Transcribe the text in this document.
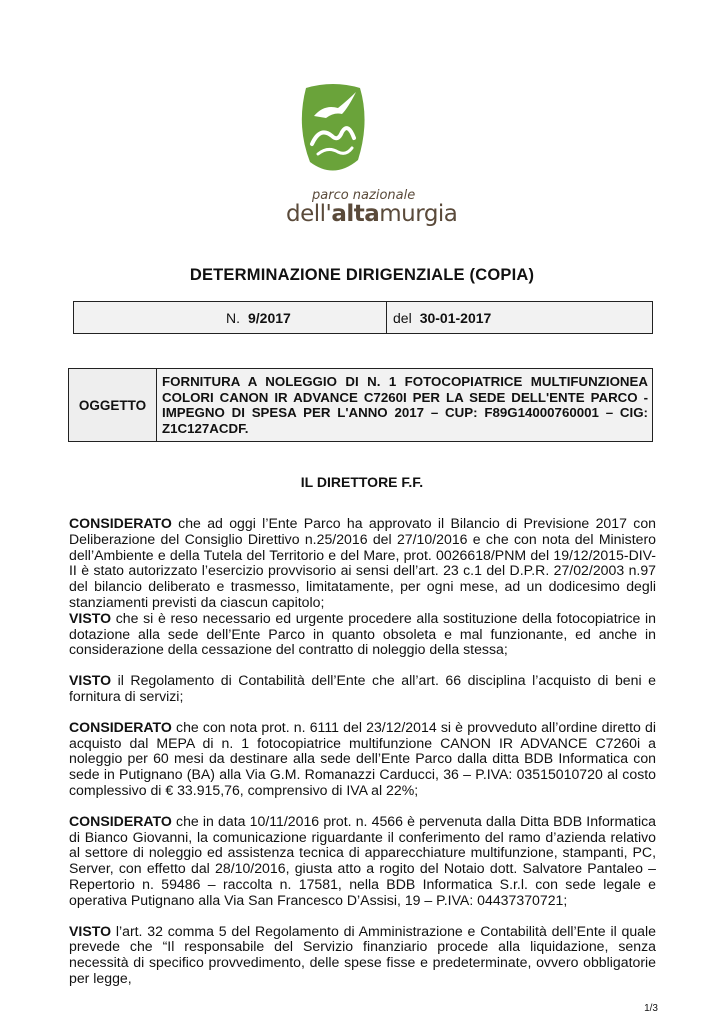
parco nazionale
dell'altamurgia
DETERMINAZIONE DIRIGENZIALE (COPIA)
N. 9/2017	del 30-01-2017
OGGETTO
FORNITURA A NOLEGGIO DI N. 1 FOTOCOPIATRICE MULTIFUNZIONEA COLORI CANON IR ADVANCE C7260I PER LA SEDE DELL'ENTE PARCO - IMPEGNO DI SPESA PER L'ANNO 2017 – CUP: F89G14000760001 – CIG: Z1C127ACDF.
IL DIRETTORE F.F.

CONSIDERATO che ad oggi l’Ente Parco ha approvato il Bilancio di Previsione 2017 con Deliberazione del Consiglio Direttivo n.25/2016 del 27/10/2016 e che con nota del Ministero dell’Ambiente e della Tutela del Territorio e del Mare, prot. 0026618/PNM del 19/12/2015-DIV-II è stato autorizzato l’esercizio provvisorio ai sensi dell’art. 23 c.1 del D.P.R. 27/02/2003 n.97 del bilancio deliberato e trasmesso, limitatamente, per ogni mese, ad un dodicesimo degli stanziamenti previsti da ciascun capitolo;

VISTO che si è reso necessario ed urgente procedere alla sostituzione della fotocopiatrice in dotazione alla sede dell’Ente Parco in quanto obsoleta e mal funzionante, ed anche in considerazione della cessazione del contratto di noleggio della stessa;

VISTO il Regolamento di Contabilità dell’Ente che all’art. 66 disciplina l’acquisto di beni e fornitura di servizi;

CONSIDERATO che con nota prot. n. 6111 del 23/12/2014 si è provveduto all’ordine diretto di acquisto dal MEPA di n. 1 fotocopiatrice multifunzione CANON IR ADVANCE C7260i a noleggio per 60 mesi da destinare alla sede dell’Ente Parco dalla ditta BDB Informatica con sede in Putignano (BA) alla Via G.M. Romanazzi Carducci, 36 – P.IVA: 03515010720 al costo complessivo di € 33.915,76, comprensivo di IVA al 22%;

CONSIDERATO che in data 10/11/2016 prot. n. 4566 è pervenuta dalla Ditta BDB Informatica di Bianco Giovanni, la comunicazione riguardante il conferimento del ramo d’azienda relativo al settore di noleggio ed assistenza tecnica di apparecchiature multifunzione, stampanti, PC, Server, con effetto dal 28/10/2016, giusta atto a rogito del Notaio dott. Salvatore Pantaleo – Repertorio n. 59486 – raccolta n. 17581, nella BDB Informatica S.r.l. con sede legale e operativa Putignano alla Via San Francesco D’Assisi, 19 – P.IVA: 04437370721;

VISTO l’art. 32 comma 5 del Regolamento di Amministrazione e Contabilità dell’Ente il quale prevede che “Il responsabile del Servizio finanziario procede alla liquidazione, senza necessità di specifico provvedimento, delle spese fisse e predeterminate, ovvero obbligatorie per legge,

1/3
